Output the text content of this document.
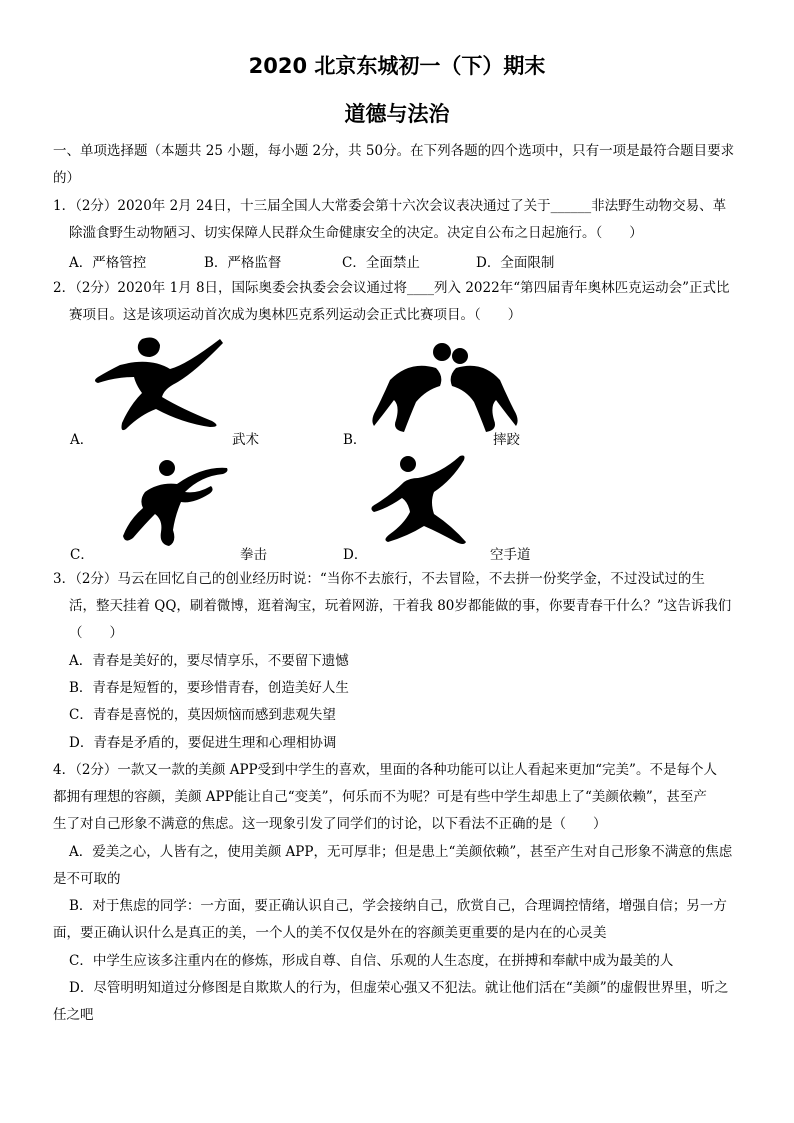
2020 北京东城初一（下）期末
道德与法治
一、单项选择题（本题共 25 小题，每小题 2分，共 50分。在下列各题的四个选项中，只有一项是最符合题目要求
的）
1．（2分）2020年 2月 24日，十三届全国人大常委会第十六次会议表决通过了关于______非法野生动物交易、革
除滥食野生动物陋习、切实保障人民群众生命健康安全的决定。决定自公布之日起施行。（　　）
A．严格管控	B．严格监督	C．全面禁止	D．全面限制
2．（2分）2020年 1月 8日，国际奥委会执委会会议通过将____列入 2022年“第四届青年奥林匹克运动会”正式比
赛项目。这是该项运动首次成为奥林匹克系列运动会正式比赛项目。（　　）
A．	武术	B．	摔跤
C．	拳击	D．	空手道
3．（2分）马云在回忆自己的创业经历时说：“当你不去旅行，不去冒险，不去拼一份奖学金，不过没试过的生
活，整天挂着 QQ，刷着微博，逛着淘宝，玩着网游，干着我 80岁都能做的事，你要青春干什么？”这告诉我们
（　　）
A．青春是美好的，要尽情享乐，不要留下遗憾
B．青春是短暂的，要珍惜青春，创造美好人生
C．青春是喜悦的，莫因烦恼而感到悲观失望
D．青春是矛盾的，要促进生理和心理相协调
4．（2分）一款又一款的美颜 APP受到中学生的喜欢，里面的各种功能可以让人看起来更加“完美”。不是每个人
都拥有理想的容颜，美颜 APP能让自己“变美”，何乐而不为呢？可是有些中学生却患上了“美颜依赖”，甚至产
生了对自己形象不满意的焦虑。这一现象引发了同学们的讨论，以下看法不正确的是（　　）
A．爱美之心，人皆有之，使用美颜 APP，无可厚非；但是患上“美颜依赖”，甚至产生对自己形象不满意的焦虑
是不可取的
B．对于焦虑的同学：一方面，要正确认识自己，学会接纳自己，欣赏自己，合理调控情绪，增强自信；另一方
面，要正确认识什么是真正的美，一个人的美不仅仅是外在的容颜美更重要的是内在的心灵美
C．中学生应该多注重内在的修炼，形成自尊、自信、乐观的人生态度，在拼搏和奉献中成为最美的人
D．尽管明明知道过分修图是自欺欺人的行为，但虚荣心强又不犯法。就让他们活在“美颜”的虚假世界里，听之
任之吧
